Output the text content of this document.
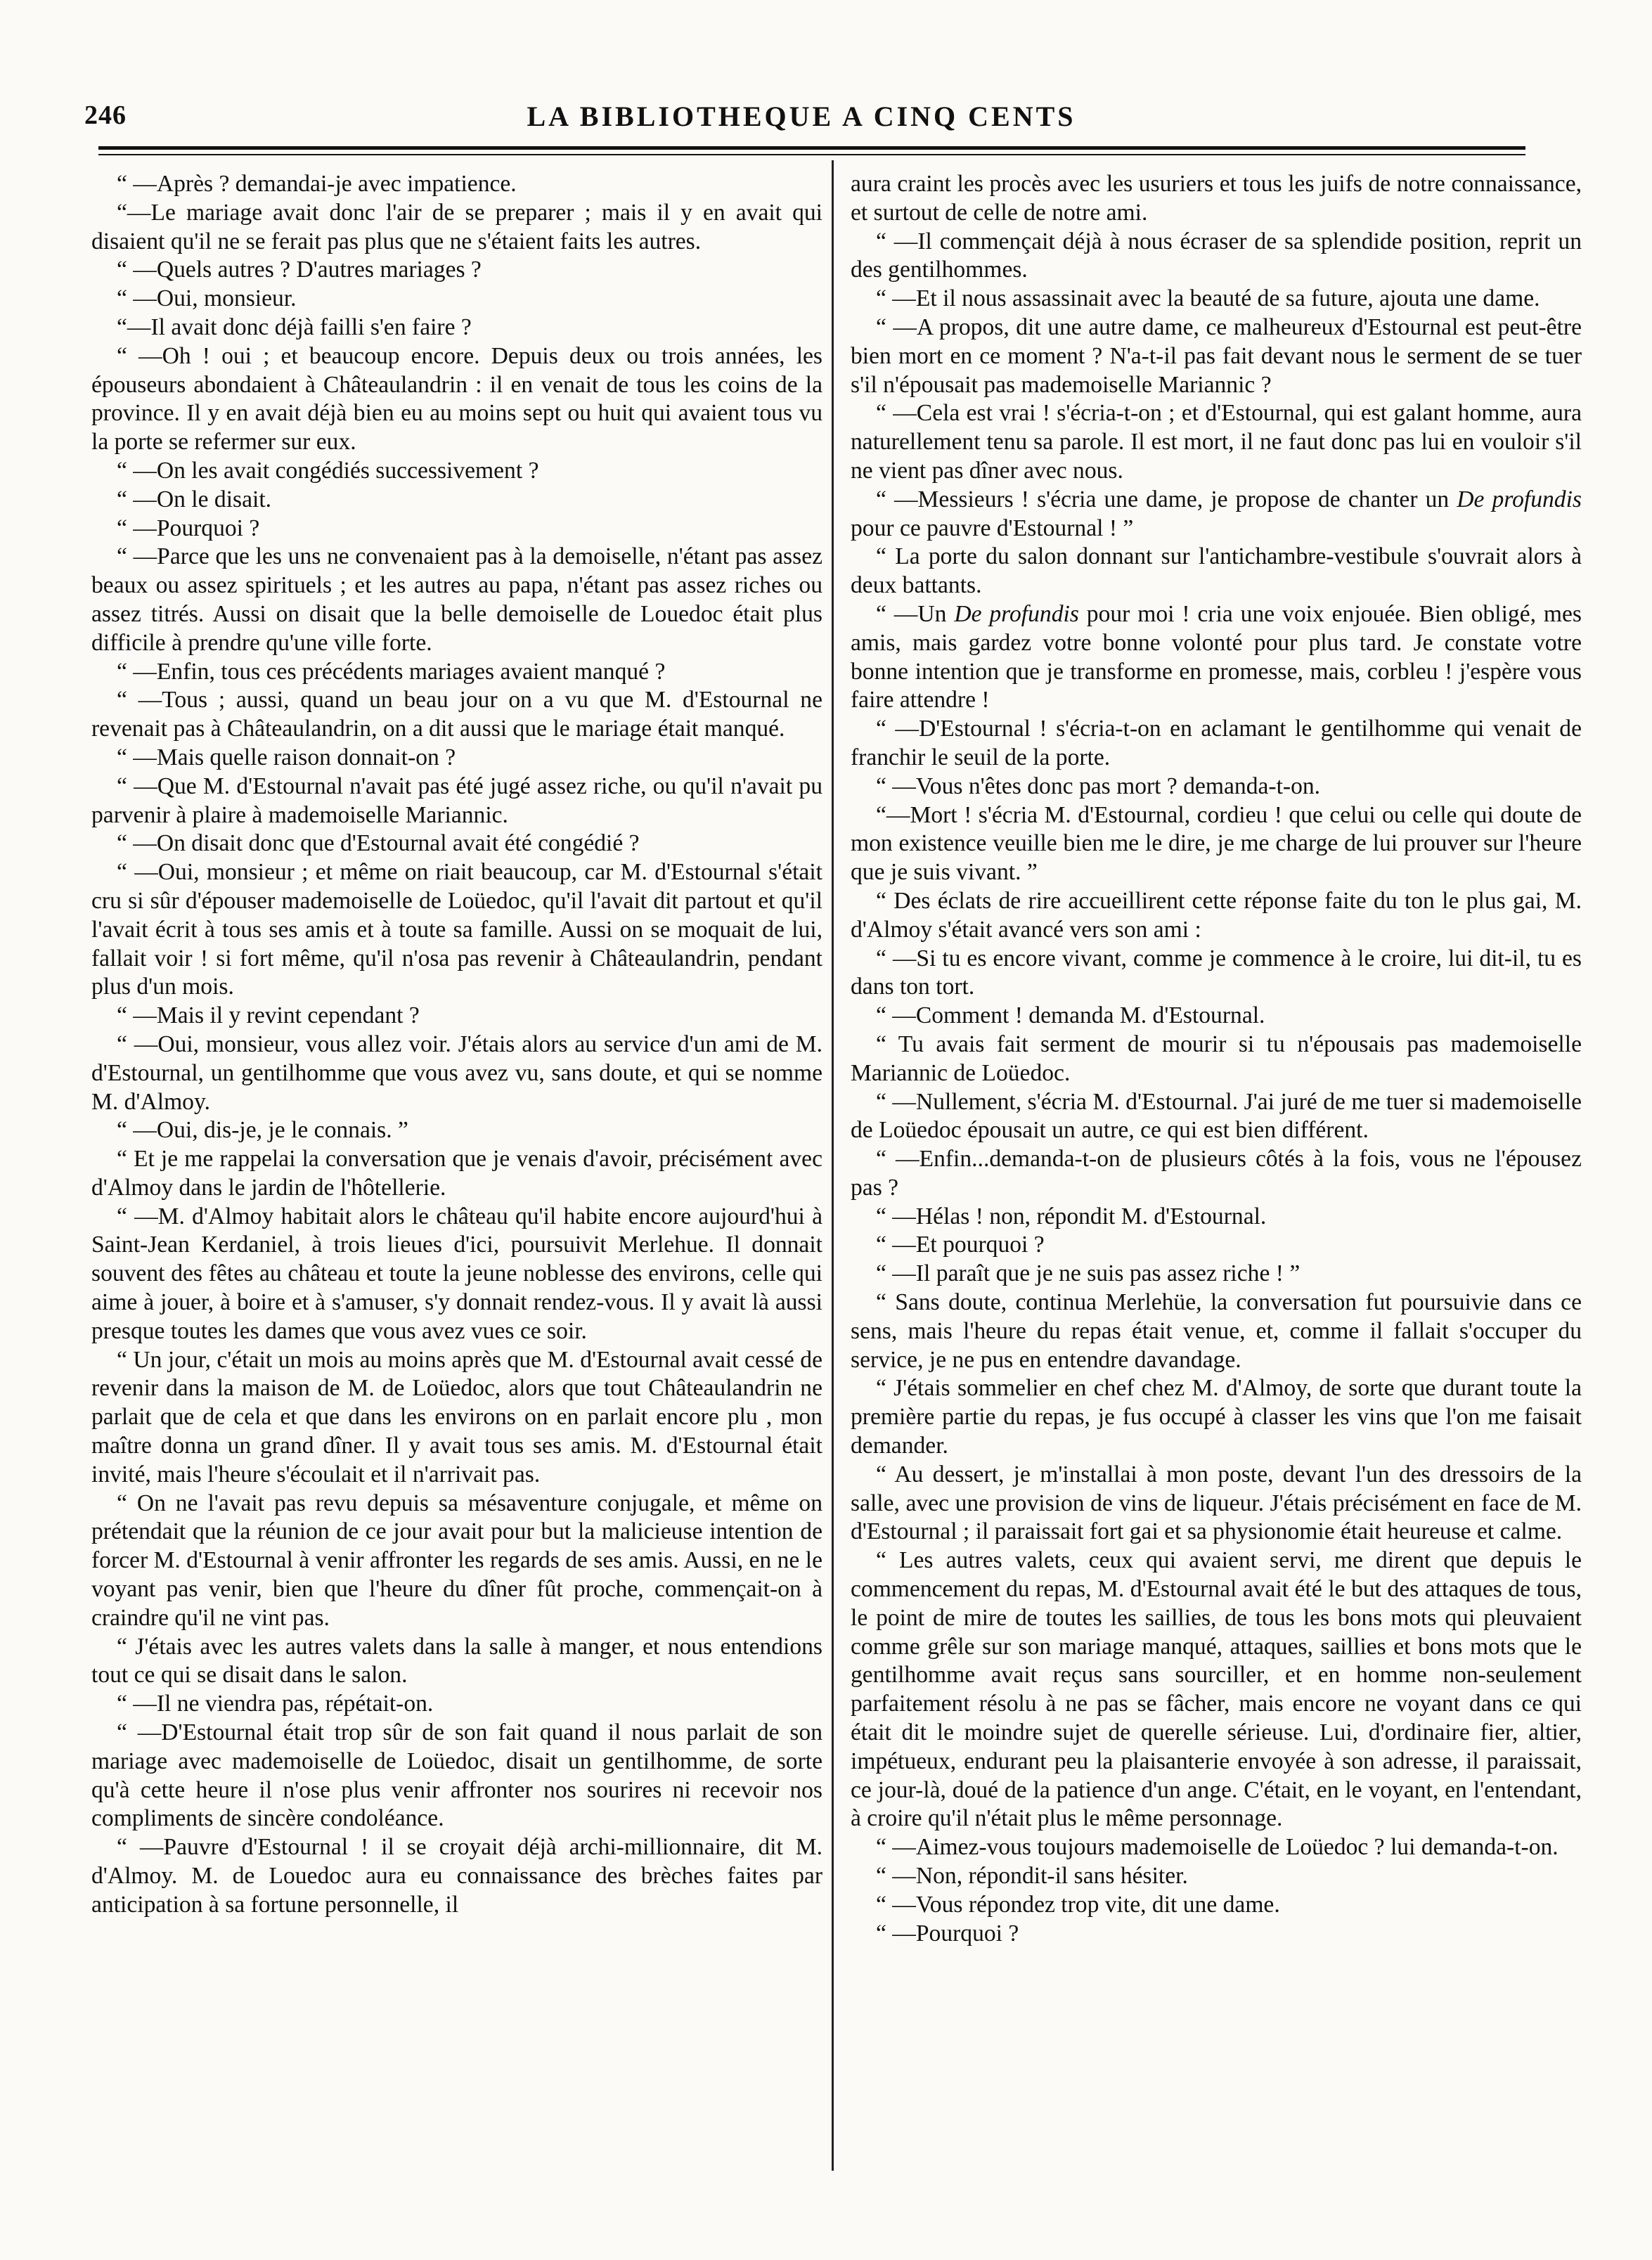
246	LA BIBLIOTHEQUE A CINQ CENTS

“ —Après ? demandai-je avec impatience.

“—Le mariage avait donc l'air de se preparer ; mais il y en avait qui disaient qu'il ne se ferait pas plus que ne s'étaient faits les autres.

“ —Quels autres ? D'autres mariages ?

“ —Oui, monsieur.

“—Il avait donc déjà failli s'en faire ?

“ —Oh ! oui ; et beaucoup encore. Depuis deux ou trois années, les épouseurs abondaient à Châteaulandrin : il en venait de tous les coins de la province. Il y en avait déjà bien eu au moins sept ou huit qui avaient tous vu la porte se refermer sur eux.

“ —On les avait congédiés successivement ?

“ —On le disait.

“ —Pourquoi ?

“ —Parce que les uns ne convenaient pas à la demoiselle, n'étant pas assez beaux ou assez spirituels ; et les autres au papa, n'étant pas assez riches ou assez titrés. Aussi on disait que la belle demoiselle de Louedoc était plus difficile à prendre qu'une ville forte.

“ —Enfin, tous ces précédents mariages avaient manqué ?

“ —Tous ; aussi, quand un beau jour on a vu que M. d'Estournal ne revenait pas à Châteaulandrin, on a dit aussi que le mariage était manqué.

“ —Mais quelle raison donnait-on ?

“ —Que M. d'Estournal n'avait pas été jugé assez riche, ou qu'il n'avait pu parvenir à plaire à mademoiselle Mariannic.

“ —On disait donc que d'Estournal avait été congédié ?

“ —Oui, monsieur ; et même on riait beaucoup, car M. d'Estournal s'était cru si sûr d'épouser mademoiselle de Loüedoc, qu'il l'avait dit partout et qu'il l'avait écrit à tous ses amis et à toute sa famille. Aussi on se moquait de lui, fallait voir ! si fort même, qu'il n'osa pas revenir à Châteaulandrin, pendant plus d'un mois.

“ —Mais il y revint cependant ?

“ —Oui, monsieur, vous allez voir. J'étais alors au service d'un ami de M. d'Estournal, un gentilhomme que vous avez vu, sans doute, et qui se nomme M. d'Almoy.

“ —Oui, dis-je, je le connais. ”

“ Et je me rappelai la conversation que je venais d'avoir, précisément avec d'Almoy dans le jardin de l'hôtellerie.

“ —M. d'Almoy habitait alors le château qu'il habite encore aujourd'hui à Saint-Jean Kerdaniel, à trois lieues d'ici, poursuivit Merlehue. Il donnait souvent des fêtes au château et toute la jeune noblesse des environs, celle qui aime à jouer, à boire et à s'amuser, s'y donnait rendez-vous. Il y avait là aussi presque toutes les dames que vous avez vues ce soir.

“ Un jour, c'était un mois au moins après que M. d'Estournal avait cessé de revenir dans la maison de M. de Loüedoc, alors que tout Châteaulandrin ne parlait que de cela et que dans les environs on en parlait encore plu , mon maître donna un grand dîner. Il y avait tous ses amis. M. d'Estournal était invité, mais l'heure s'écoulait et il n'arrivait pas.

“ On ne l'avait pas revu depuis sa mésaventure conjugale, et même on prétendait que la réunion de ce jour avait pour but la malicieuse intention de forcer M. d'Estournal à venir affronter les regards de ses amis. Aussi, en ne le voyant pas venir, bien que l'heure du dîner fût proche, commençait-on à craindre qu'il ne vint pas.

“ J'étais avec les autres valets dans la salle à manger, et nous entendions tout ce qui se disait dans le salon.

“ —Il ne viendra pas, répétait-on.

“ —D'Estournal était trop sûr de son fait quand il nous parlait de son mariage avec mademoiselle de Loüedoc, disait un gentilhomme, de sorte qu'à cette heure il n'ose plus venir affronter nos sourires ni recevoir nos compliments de sincère condoléance.

“ —Pauvre d'Estournal ! il se croyait déjà archi-millionnaire, dit M. d'Almoy. M. de Louedoc aura eu connaissance des brèches faites par anticipation à sa fortune personnelle, il

aura craint les procès avec les usuriers et tous les juifs de notre connaissance, et surtout de celle de notre ami.

“ —Il commençait déjà à nous écraser de sa splendide position, reprit un des gentilhommes.

“ —Et il nous assassinait avec la beauté de sa future, ajouta une dame.

“ —A propos, dit une autre dame, ce malheureux d'Estournal est peut-être bien mort en ce moment ? N'a-t-il pas fait devant nous le serment de se tuer s'il n'épousait pas mademoiselle Mariannic ?

“ —Cela est vrai ! s'écria-t-on ; et d'Estournal, qui est galant homme, aura naturellement tenu sa parole. Il est mort, il ne faut donc pas lui en vouloir s'il ne vient pas dîner avec nous.

“ —Messieurs ! s'écria une dame, je propose de chanter un De profundis pour ce pauvre d'Estournal ! ”

“ La porte du salon donnant sur l'antichambre-vestibule s'ouvrait alors à deux battants.

“ —Un De profundis pour moi ! cria une voix enjouée. Bien obligé, mes amis, mais gardez votre bonne volonté pour plus tard. Je constate votre bonne intention que je transforme en promesse, mais, corbleu ! j'espère vous faire attendre !

“ —D'Estournal ! s'écria-t-on en aclamant le gentilhomme qui venait de franchir le seuil de la porte.

“ —Vous n'êtes donc pas mort ? demanda-t-on.

“—Mort ! s'écria M. d'Estournal, cordieu ! que celui ou celle qui doute de mon existence veuille bien me le dire, je me charge de lui prouver sur l'heure que je suis vivant. ”

“ Des éclats de rire accueillirent cette réponse faite du ton le plus gai, M. d'Almoy s'était avancé vers son ami :

“ —Si tu es encore vivant, comme je commence à le croire, lui dit-il, tu es dans ton tort.

“ —Comment ! demanda M. d'Estournal.

“ Tu avais fait serment de mourir si tu n'épousais pas mademoiselle Mariannic de Loüedoc.

“ —Nullement, s'écria M. d'Estournal. J'ai juré de me tuer si mademoiselle de Loüedoc épousait un autre, ce qui est bien différent.

“ —Enfin...demanda-t-on de plusieurs côtés à la fois, vous ne l'épousez pas ?

“ —Hélas ! non, répondit M. d'Estournal.

“ —Et pourquoi ?

“ —Il paraît que je ne suis pas assez riche ! ”

“ Sans doute, continua Merlehüe, la conversation fut poursuivie dans ce sens, mais l'heure du repas était venue, et, comme il fallait s'occuper du service, je ne pus en entendre davandage.

“ J'étais sommelier en chef chez M. d'Almoy, de sorte que durant toute la première partie du repas, je fus occupé à classer les vins que l'on me faisait demander.

“ Au dessert, je m'installai à mon poste, devant l'un des dressoirs de la salle, avec une provision de vins de liqueur. J'étais précisément en face de M. d'Estournal ; il paraissait fort gai et sa physionomie était heureuse et calme.

“ Les autres valets, ceux qui avaient servi, me dirent que depuis le commencement du repas, M. d'Estournal avait été le but des attaques de tous, le point de mire de toutes les saillies, de tous les bons mots qui pleuvaient comme grêle sur son mariage manqué, attaques, saillies et bons mots que le gentilhomme avait reçus sans sourciller, et en homme non-seulement parfaitement résolu à ne pas se fâcher, mais encore ne voyant dans ce qui était dit le moindre sujet de querelle sérieuse. Lui, d'ordinaire fier, altier, impétueux, endurant peu la plaisanterie envoyée à son adresse, il paraissait, ce jour-là, doué de la patience d'un ange. C'était, en le voyant, en l'entendant, à croire qu'il n'était plus le même personnage.

“ —Aimez-vous toujours mademoiselle de Loüedoc ? lui demanda-t-on.

“ —Non, répondit-il sans hésiter.

“ —Vous répondez trop vite, dit une dame.

“ —Pourquoi ?
